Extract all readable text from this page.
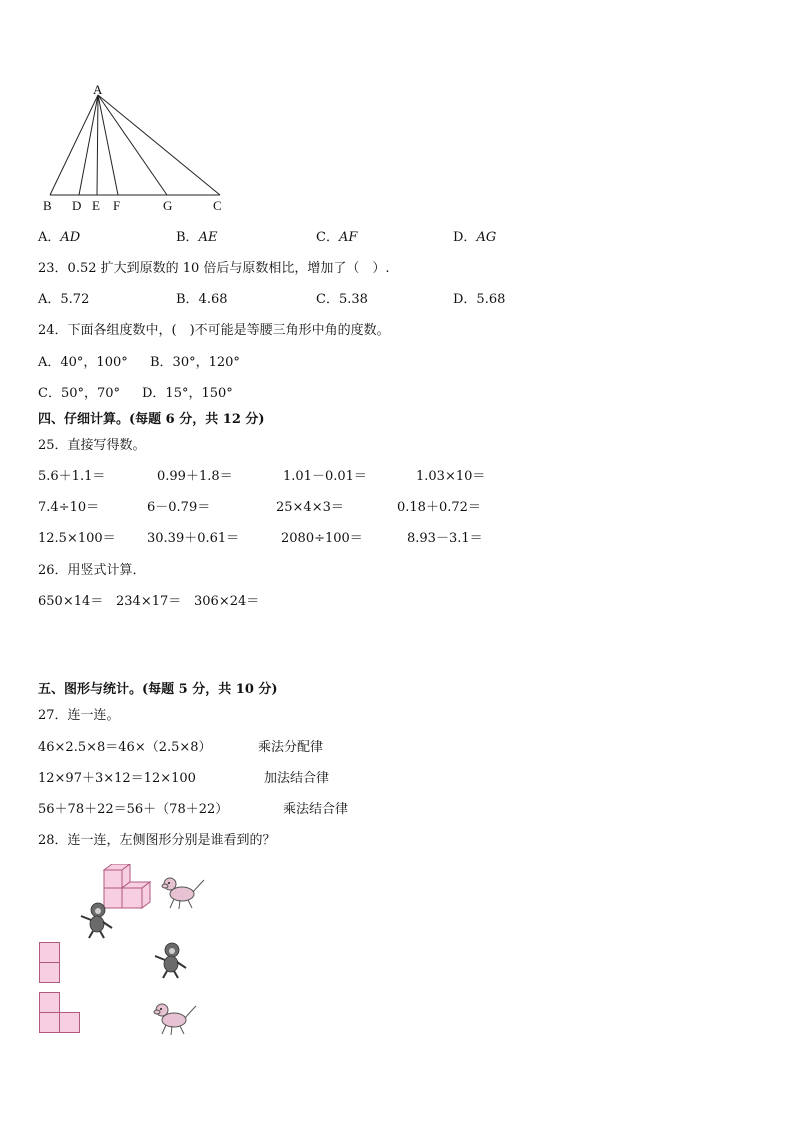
A
B D E F	G	C
A．AD	B．AE	C．AF	D．AG
23．0.52 扩大到原数的 10 倍后与原数相比，增加了（　）.
A．5.72	B．4.68	C．5.38	D．5.68
24．下面各组度数中，(　)不可能是等腰三角形中角的度数。
A．40°，100° B．30°，120°
C．50°，70° D．15°，150°
四、仔细计算。(每题 6 分，共 12 分)
25．直接写得数。
5.6＋1.1＝	0.99＋1.8＝	1.01－0.01＝	1.03×10＝
7.4÷10＝	6－0.79＝	25×4×3＝	0.18＋0.72＝
12.5×100＝ 30.39＋0.61＝	2080÷100＝	8.93－3.1＝
26．用竖式计算．
650×14＝ 234×17＝ 306×24＝
五、图形与统计。(每题 5 分，共 10 分)
27．连一连。
46×2.5×8＝46×（2.5×8）	乘法分配律
12×97＋3×12＝12×100	加法结合律
56＋78＋22＝56＋（78＋22）	乘法结合律
28．连一连，左侧图形分别是谁看到的？
